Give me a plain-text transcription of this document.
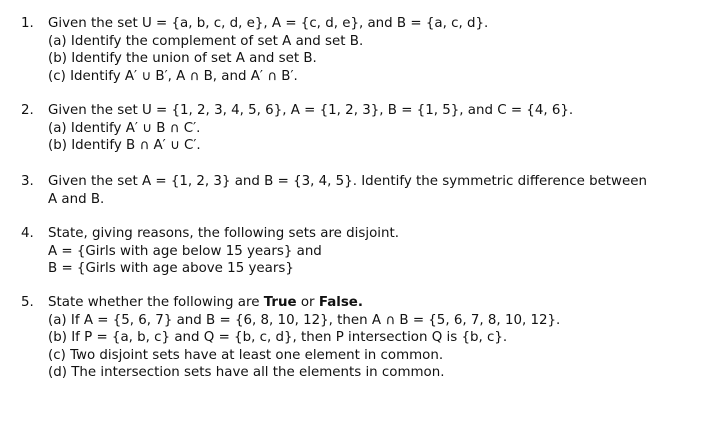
1. Given the set U = {a, b, c, d, e}, A = {c, d, e}, and B = {a, c, d}.
(a) Identify the complement of set A and set B.
(b) Identify the union of set A and set B.
(c) Identify A′ ∪ B′, A ∩ B, and A′ ∩ B′.
2. Given the set U = {1, 2, 3, 4, 5, 6}, A = {1, 2, 3}, B = {1, 5}, and C = {4, 6}.
(a) Identify A′ ∪ B ∩ C′.
(b) Identify B ∩ A′ ∪ C′.
3. Given the set A = {1, 2, 3} and B = {3, 4, 5}. Identify the symmetric difference between
A and B.
4. State, giving reasons, the following sets are disjoint.
A = {Girls with age below 15 years} and
B = {Girls with age above 15 years}
5. State whether the following are True or False.
(a) If A = {5, 6, 7} and B = {6, 8, 10, 12}, then A ∩ B = {5, 6, 7, 8, 10, 12}.
(b) If P = {a, b, c} and Q = {b, c, d}, then P intersection Q is {b, c}.
(c) Two disjoint sets have at least one element in common.
(d) The intersection sets have all the elements in common.
